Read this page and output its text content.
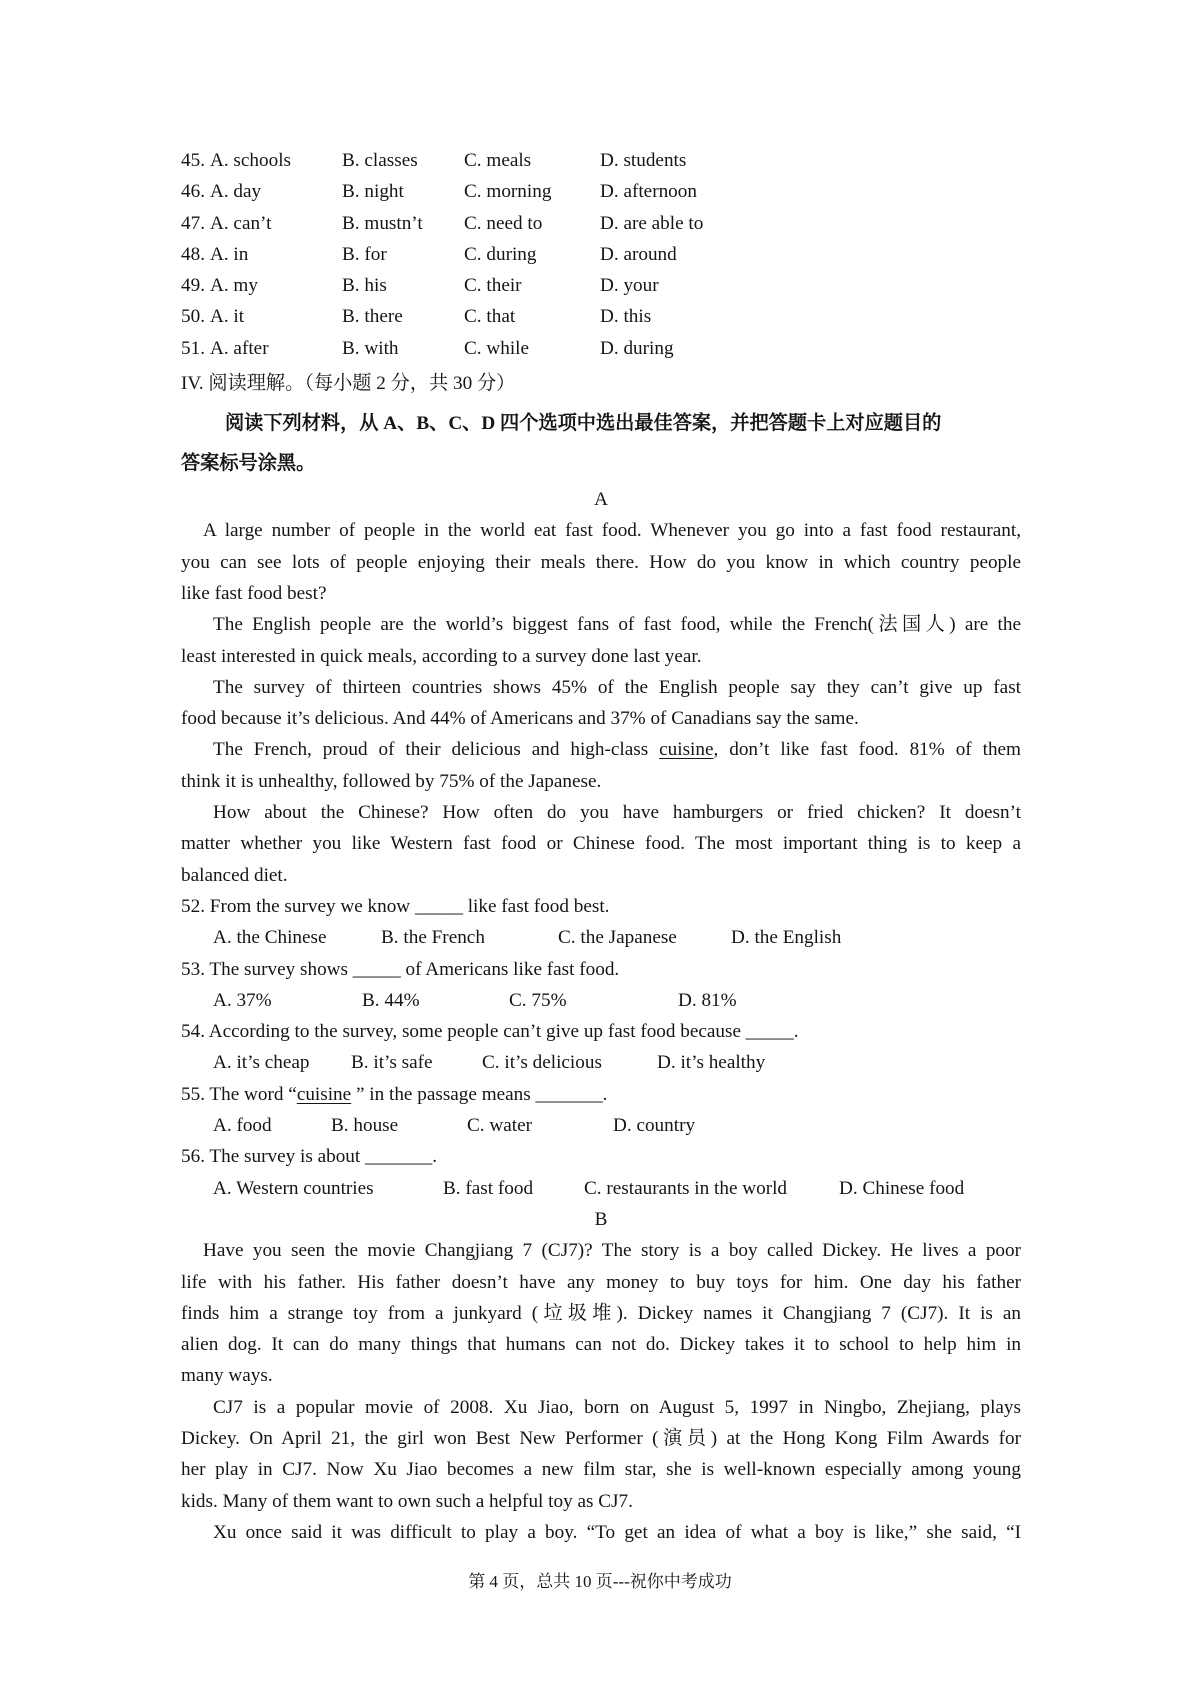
45. A. schools	B. classes C. meals	D. students
46. A. day	B. night	C. morning	D. afternoon
47. A. can’t	B. mustn’t C. need to	D. are able to
48. A. in	B. for	C. during	D. around
49. A. my	B. his	C. their	D. your
50. A. it	B. there	C. that	D. this
51. A. after	B. with	C. while	D. during
IV. 阅读理解。（每小题 2 分，共 30 分）
阅读下列材料，从 A、B、C、D 四个选项中选出最佳答案，并把答题卡上对应题目的
答案标号涂黑。
A
A large number of people in the world eat fast food. Whenever you go into a fast food restaurant,
you can see lots of people enjoying their meals there. How do you know in which country people
like fast food best?
The English people are the world’s biggest fans of fast food, while the French(法国人) are the
least interested in quick meals, according to a survey done last year.
The survey of thirteen countries shows 45% of the English people say they can’t give up fast
food because it’s delicious. And 44% of Americans and 37% of Canadians say the same.
The French, proud of their delicious and high-class cuisine, don’t like fast food. 81% of them
think it is unhealthy, followed by 75% of the Japanese.
How about the Chinese? How often do you have hamburgers or fried chicken? It doesn’t
matter whether you like Western fast food or Chinese food. The most important thing is to keep a
balanced diet.
52. From the survey we know _____ like fast food best.
A. the Chinese	B. the French	C. the Japanese	D. the English
53. The survey shows _____ of Americans like fast food.
A. 37%	B. 44%	C. 75%	D. 81%
54. According to the survey, some people can’t give up fast food because _____.
A. it’s cheap B. it’s safe	C. it’s delicious	D. it’s healthy
55. The word “cuisine ” in the passage means _______.
A. food	B. house	C. water	D. country
56. The survey is about _______.
A. Western countries	B. fast food	C. restaurants in the world	D. Chinese food
B
Have you seen the movie Changjiang 7 (CJ7)? The story is a boy called Dickey. He lives a poor
life with his father. His father doesn’t have any money to buy toys for him. One day his father
finds him a strange toy from a junkyard (垃圾堆). Dickey names it Changjiang 7 (CJ7). It is an
alien dog. It can do many things that humans can not do. Dickey takes it to school to help him in
many ways.
CJ7 is a popular movie of 2008. Xu Jiao, born on August 5, 1997 in Ningbo, Zhejiang, plays
Dickey. On April 21, the girl won Best New Performer (演员) at the Hong Kong Film Awards for
her play in CJ7. Now Xu Jiao becomes a new film star, she is well-known especially among young
kids. Many of them want to own such a helpful toy as CJ7.
Xu once said it was difficult to play a boy. “To get an idea of what a boy is like,” she said, “I
第 4 页，总共 10 页---祝你中考成功
